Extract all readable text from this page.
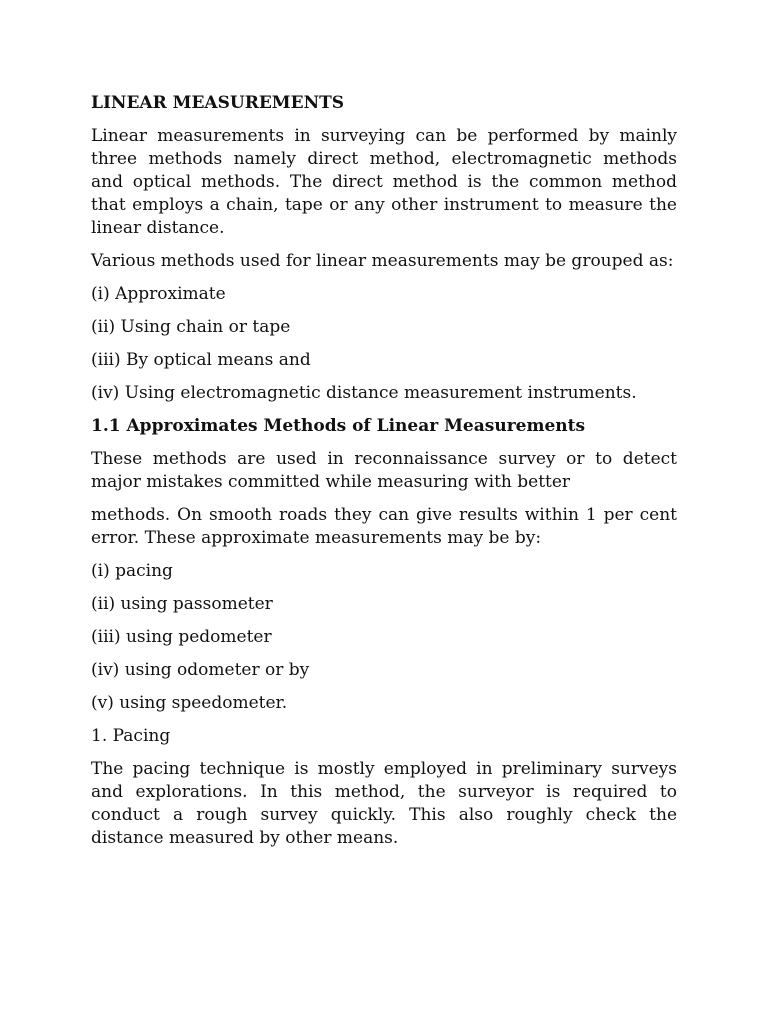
LINEAR MEASUREMENTS
Linear measurements in surveying can be performed by mainly three methods namely direct method, electromagnetic methods and optical methods. The direct method is the common method that employs a chain, tape or any other instrument to measure the linear distance.
Various methods used for linear measurements may be grouped as:
(i) Approximate
(ii) Using chain or tape
(iii) By optical means and
(iv) Using electromagnetic distance measurement instruments.
1.1 Approximates Methods of Linear Measurements
These methods are used in reconnaissance survey or to detect major mistakes committed while measuring with better
methods. On smooth roads they can give results within 1 per cent error. These approximate measurements may be by:
(i) pacing
(ii) using passometer
(iii) using pedometer
(iv) using odometer or by
(v) using speedometer.
1. Pacing
The pacing technique is mostly employed in preliminary surveys and explorations. In this method, the surveyor is required to conduct a rough survey quickly. This also roughly check the distance measured by other means.
